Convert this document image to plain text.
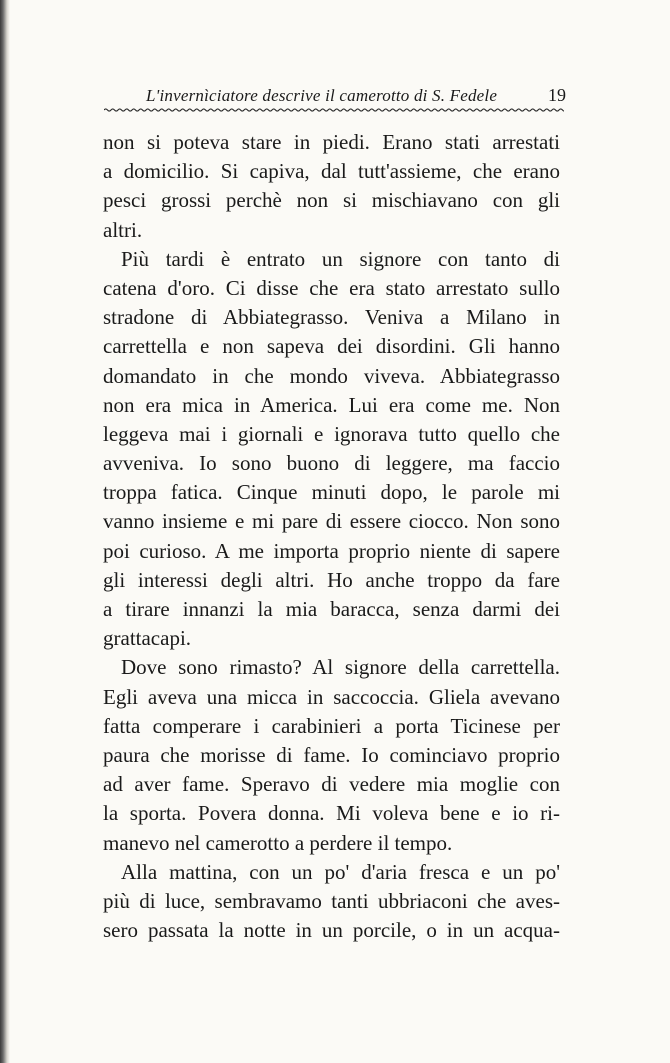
L'invernìciatore descrive il camerotto di S. Fedele	19
non si poteva stare in piedi. Erano stati arrestati
a domicilio. Si capiva, dal tutt'assieme, che erano
pesci grossi perchè non si mischiavano con gli
altri.
Più tardi è entrato un signore con tanto di
catena d'oro. Ci disse che era stato arrestato sullo
stradone di Abbiategrasso. Veniva a Milano in
carrettella e non sapeva dei disordini. Gli hanno
domandato in che mondo viveva. Abbiategrasso
non era mica in America. Lui era come me. Non
leggeva mai i giornali e ignorava tutto quello che
avveniva. Io sono buono di leggere, ma faccio
troppa fatica. Cinque minuti dopo, le parole mi
vanno insieme e mi pare di essere ciocco. Non sono
poi curioso. A me importa proprio niente di sapere
gli interessi degli altri. Ho anche troppo da fare
a tirare innanzi la mia baracca, senza darmi dei
grattacapi.
Dove sono rimasto? Al signore della carrettella.
Egli aveva una micca in saccoccia. Gliela avevano
fatta comperare i carabinieri a porta Ticinese per
paura che morisse di fame. Io cominciavo proprio
ad aver fame. Speravo di vedere mia moglie con
la sporta. Povera donna. Mi voleva bene e io ri-
manevo nel camerotto a perdere il tempo.
Alla mattina, con un po' d'aria fresca e un po'
più di luce, sembravamo tanti ubbriaconi che aves-
sero passata la notte in un porcile, o in un acqua-
